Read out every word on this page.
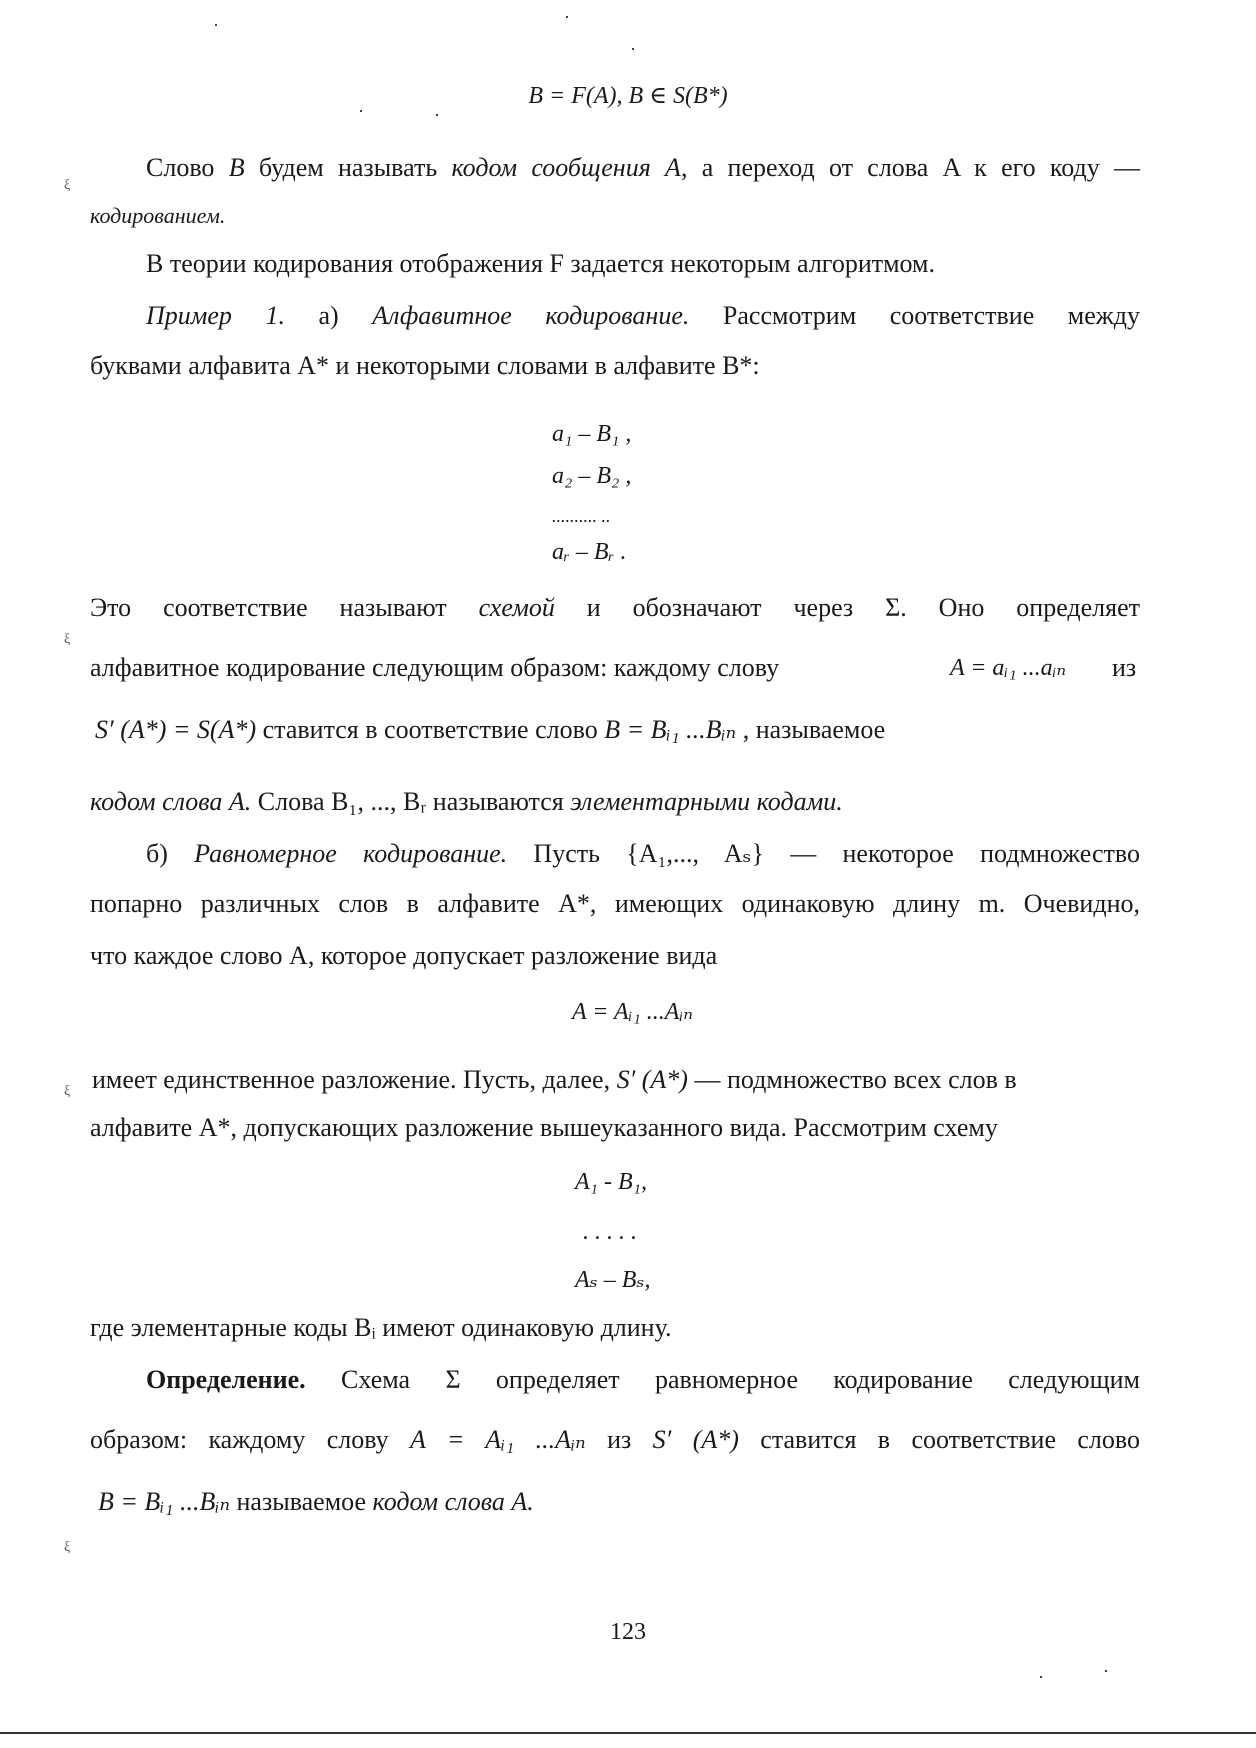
B = F(A), B ∈ S(B*)
Слово B будем называть кодом сообщения A, а переход от слова A к его коду —
кодированием.
В теории кодирования отображения F задается некоторым алгоритмом.
Пример 1. а) Алфавитное кодирование. Рассмотрим соответствие между
буквами алфавита A* и некоторыми словами в алфавите B*:
a₁ – B₁ ,
a₂ – B₂ ,
.......... ..
aᵣ – Bᵣ .
Это соответствие называют схемой и обозначают через Σ. Оно определяет
алфавитное кодирование следующим образом: каждому слову	A = aᵢ₁ ...aᵢₙ из
S′ (A*) = S(A*) ставится в соответствие слово B = Bᵢ₁ ...Bᵢₙ , называемое
кодом слова A. Слова B₁, ..., Bᵣ называются элементарными кодами.
б) Равномерное кодирование. Пусть {A₁,..., Aₛ} — некоторое подмножество
попарно различных слов в алфавите A*, имеющих одинаковую длину m. Очевидно,
что каждое слово A, которое допускает разложение вида
A = Aᵢ₁ ...Aᵢₙ
имеет единственное разложение. Пусть, далее, S′ (A*) — подмножество всех слов в
алфавите A*, допускающих разложение вышеуказанного вида. Рассмотрим схему
A₁ - B₁,
. . . . .
Aₛ – Bₛ,
где элементарные коды Bᵢ имеют одинаковую длину.
Определение. Схема Σ определяет равномерное кодирование следующим
образом: каждому слову A = Aᵢ₁ ...Aᵢₙ из S′ (A*) ставится в соответствие слово
B = Bᵢ₁ ...Bᵢₙ называемое кодом слова A.
123
ξ
ξ
ξ
ξ
